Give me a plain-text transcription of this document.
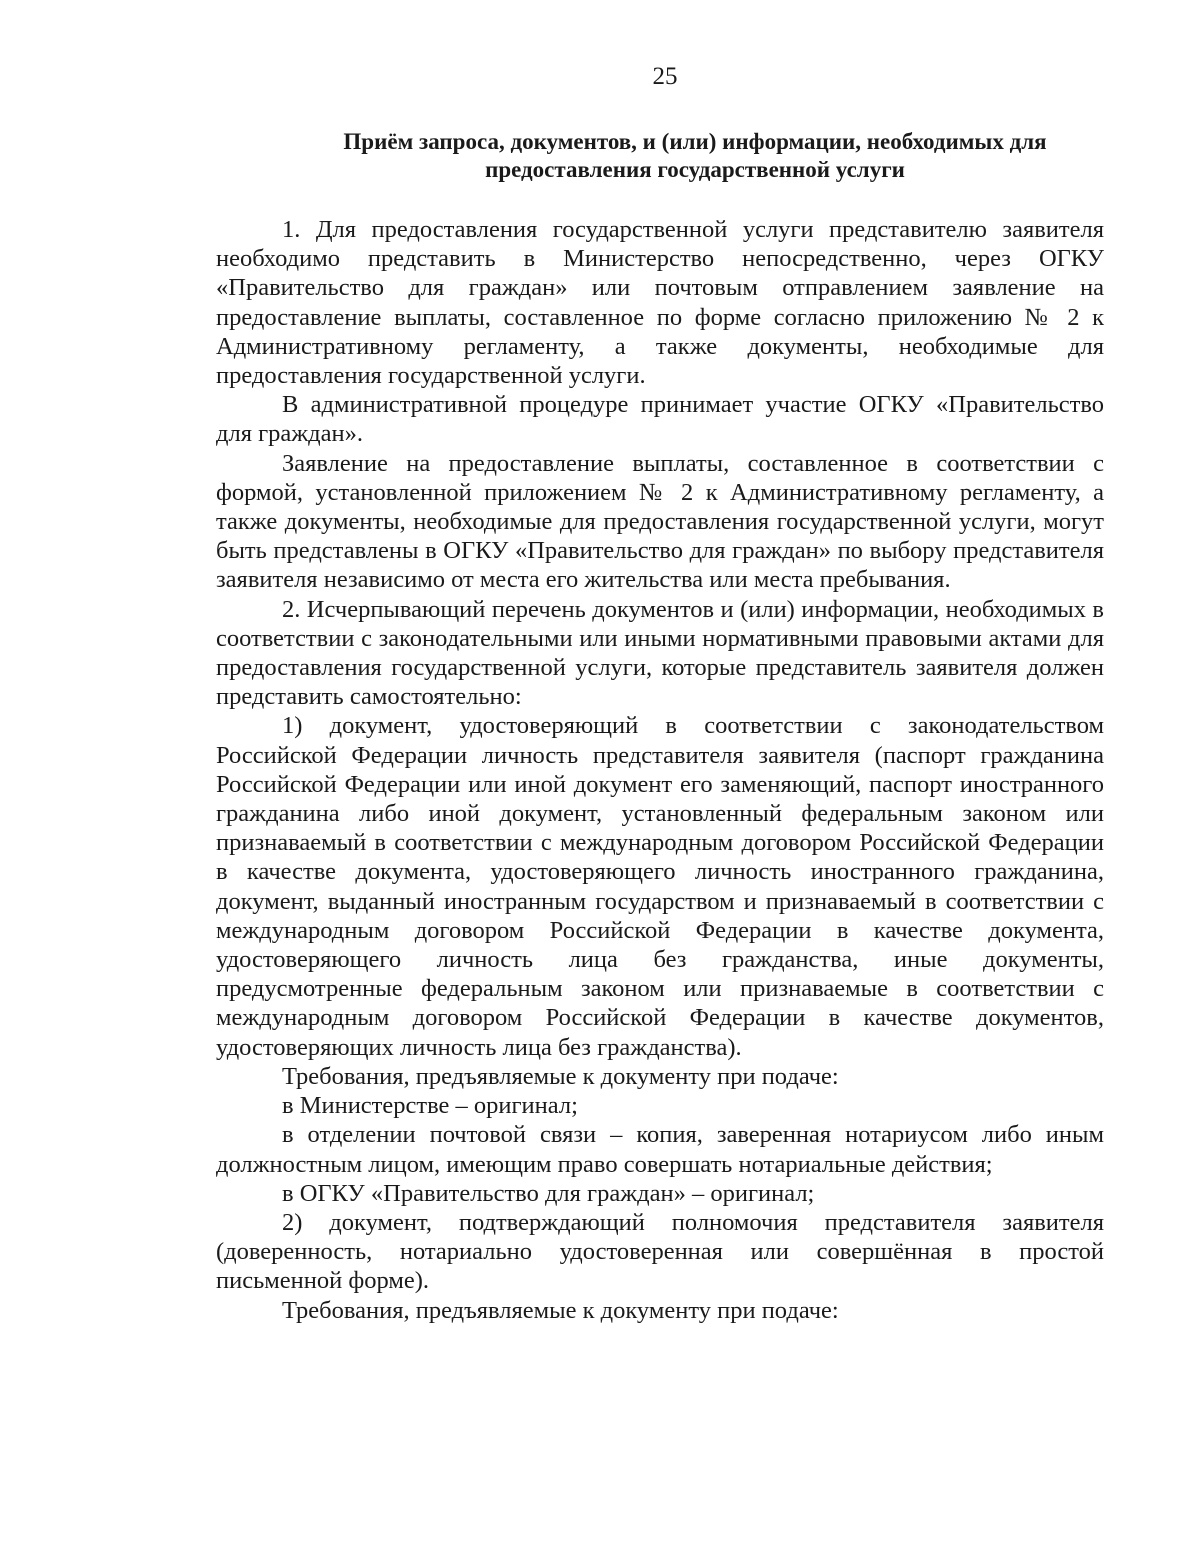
25
Приём запроса, документов, и (или) информации, необходимых для предоставления государственной услуги

1. Для предоставления государственной услуги представителю заявителя необходимо представить в Министерство непосредственно, через ОГКУ «Правительство для граждан» или почтовым отправлением заявление на предоставление выплаты, составленное по форме согласно приложению № 2 к Административному регламенту, а также документы, необходимые для предоставления государственной услуги.

В административной процедуре принимает участие ОГКУ «Правительство для граждан».

Заявление на предоставление выплаты, составленное в соответствии с формой, установленной приложением № 2 к Административному регламенту, а также документы, необходимые для предоставления государственной услуги, могут быть представлены в ОГКУ «Правительство для граждан» по выбору представителя заявителя независимо от места его жительства или места пребывания.

2. Исчерпывающий перечень документов и (или) информации, необходимых в соответствии с законодательными или иными нормативными правовыми актами для предоставления государственной услуги, которые представитель заявителя должен представить самостоятельно:

1) документ, удостоверяющий в соответствии с законодательством Российской Федерации личность представителя заявителя (паспорт гражданина Российской Федерации или иной документ его заменяющий, паспорт иностранного гражданина либо иной документ, установленный федеральным законом или признаваемый в соответствии с международным договором Российской Федерации в качестве документа, удостоверяющего личность иностранного гражданина, документ, выданный иностранным государством и признаваемый в соответствии с международным договором Российской Федерации в качестве документа, удостоверяющего личность лица без гражданства, иные документы, предусмотренные федеральным законом или признаваемые в соответствии с международным договором Российской Федерации в качестве документов, удостоверяющих личность лица без гражданства).

Требования, предъявляемые к документу при подаче:

в Министерстве – оригинал;

в отделении почтовой связи – копия, заверенная нотариусом либо иным должностным лицом, имеющим право совершать нотариальные действия;

в ОГКУ «Правительство для граждан» – оригинал;

2) документ, подтверждающий полномочия представителя заявителя (доверенность, нотариально удостоверенная или совершённая в простой письменной форме).

Требования, предъявляемые к документу при подаче:
